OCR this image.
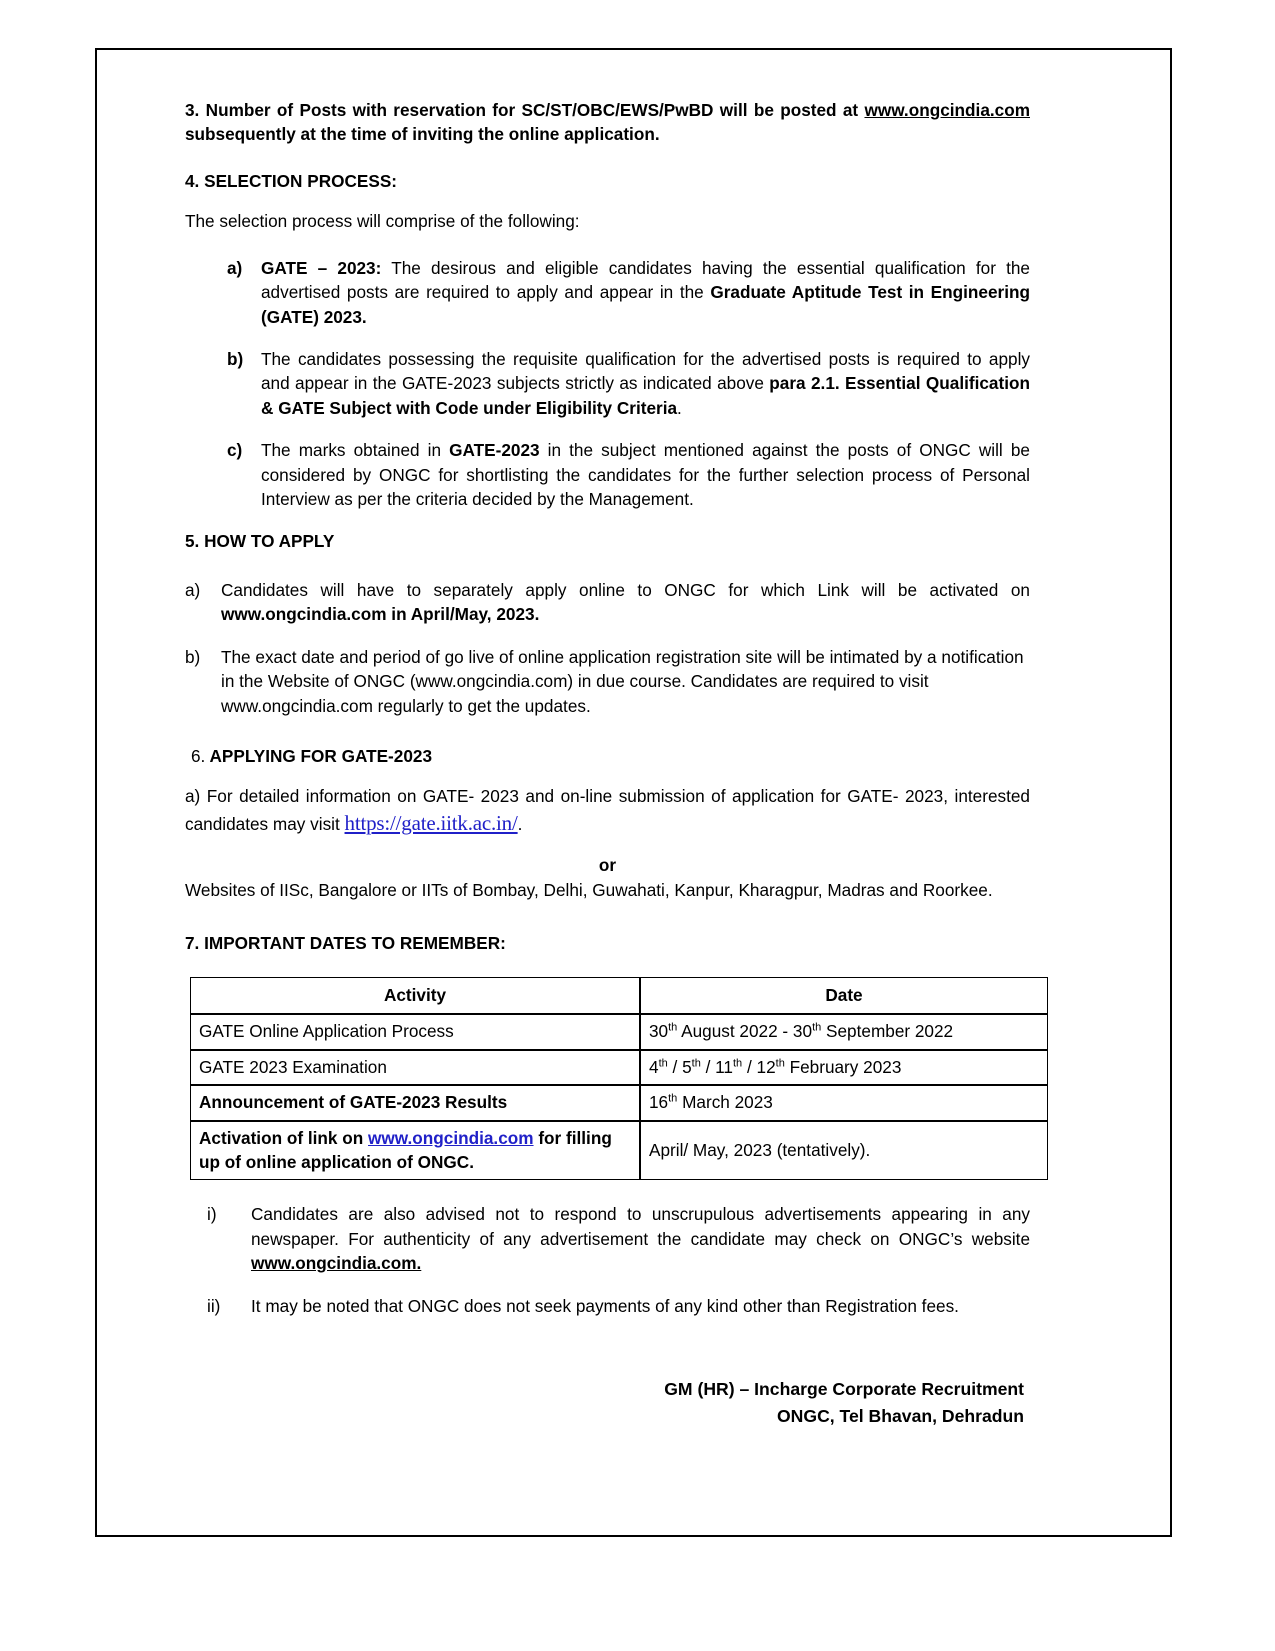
3. Number of Posts with reservation for SC/ST/OBC/EWS/PwBD will be posted at www.ongcindia.com subsequently at the time of inviting the online application.

4. SELECTION PROCESS:

The selection process will comprise of the following:

a)	GATE – 2023: The desirous and eligible candidates having the essential qualification for the advertised posts are required to apply and appear in the Graduate Aptitude Test in Engineering (GATE) 2023.
b)	The candidates possessing the requisite qualification for the advertised posts is required to apply and appear in the GATE-2023 subjects strictly as indicated above para 2.1. Essential Qualification & GATE Subject with Code under Eligibility Criteria.
c)	The marks obtained in GATE-2023 in the subject mentioned against the posts of ONGC will be considered by ONGC for shortlisting the candidates for the further selection process of Personal Interview as per the criteria decided by the Management.

5. HOW TO APPLY

a)	Candidates will have to separately apply online to ONGC for which Link will be activated on www.ongcindia.com in April/May, 2023.
b)	The exact date and period of go live of online application registration site will be intimated by a notification in the Website of ONGC (www.ongcindia.com) in due course. Candidates are required to visit www.ongcindia.com regularly to get the updates.

6. APPLYING FOR GATE-2023

a) For detailed information on GATE- 2023 and on-line submission of application for GATE- 2023, interested candidates may visit https://gate.iitk.ac.in/.

or

Websites of IISc, Bangalore or IITs of Bombay, Delhi, Guwahati, Kanpur, Kharagpur, Madras and Roorkee.

7. IMPORTANT DATES TO REMEMBER:

Activity	Date
GATE Online Application Process	30th August 2022 - 30th September 2022
GATE 2023 Examination	4th / 5th / 11th / 12th February 2023
Announcement of GATE-2023 Results	16th March 2023
Activation of link on www.ongcindia.com for filling up of online application of ONGC.	April/ May, 2023 (tentatively).
i)	Candidates are also advised not to respond to unscrupulous advertisements appearing in any newspaper. For authenticity of any advertisement the candidate may check on ONGC’s website www.ongcindia.com.
ii)	It may be noted that ONGC does not seek payments of any kind other than Registration fees.
GM (HR) – Incharge Corporate Recruitment
ONGC, Tel Bhavan, Dehradun
